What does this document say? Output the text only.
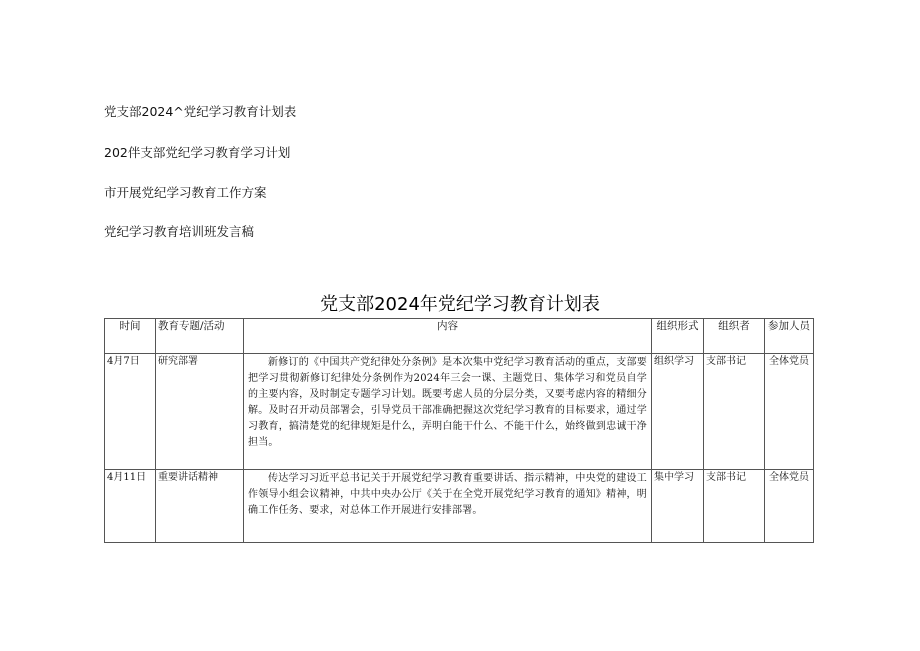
党支部2024^党纪学习教育计划表
202伴支部党纪学习教育学习计划
市开展党纪学习教育工作方案
党纪学习教育培训班发言稿
党支部2024年党纪学习教育计划表
时间	教育专题/活动	内容	组织形式	组织者	参加人员
4月7日	研究部署	新修订的《中国共产党纪律处分条例》是本次集中党纪学习教育活动的重点，支部要把学习贯彻新修订纪律处分条例作为2024年三会一课、主题党日、集体学习和党员自学的主要内容，及时制定专题学习计划。既要考虑人员的分层分类，又要考虑内容的精细分解。及时召开动员部署会，引导党员干部准确把握这次党纪学习教育的目标要求，通过学习教育，搞清楚党的纪律规矩是什么，弄明白能干什么、不能干什么，始终做到忠诚干净担当。	组织学习	支部书记	全体党员
4月11日	重要讲话精神	传达学习习近平总书记关于开展党纪学习教育重要讲话、指示精神，中央党的建设工作领导小组会议精神，中共中央办公厅《关于在全党开展党纪学习教育的通知》精神，明确工作任务、要求，对总体工作开展进行安排部署。	集中学习	支部书记	全体党员
